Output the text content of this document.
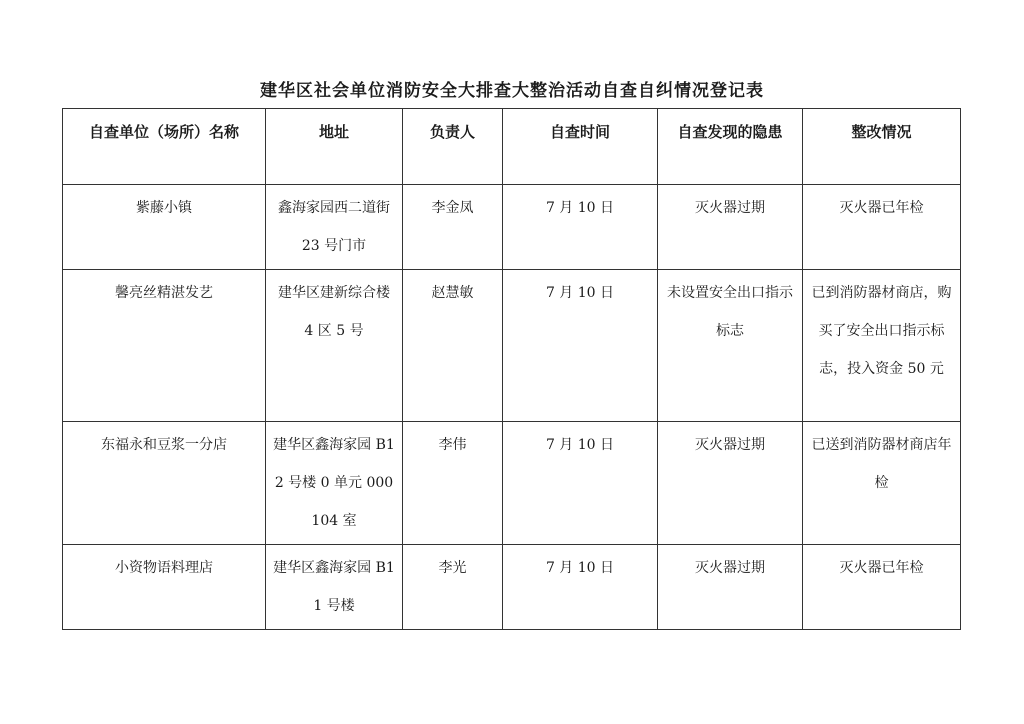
建华区社会单位消防安全大排查大整治活动自查自纠情况登记表
自查单位（场所）名称	地址	负责人	自查时间	自查发现的隐患	整改情况
紫藤小镇	鑫海家园西二道街 23 号门市	李金凤	7 月 10 日	灭火器过期	灭火器已年检
馨亮丝精湛发艺	建华区建新综合楼 4 区 5 号	赵慧敏	7 月 10 日	未设置安全出口指示标志	已到消防器材商店，购买了安全出口指示标志，投入资金 50 元
东福永和豆浆一分店	建华区鑫海家园 B12 号楼 0 单元 000104 室	李伟	7 月 10 日	灭火器过期	已送到消防器材商店年检
小资物语料理店	建华区鑫海家园 B11 号楼	李光	7 月 10 日	灭火器过期	灭火器已年检
